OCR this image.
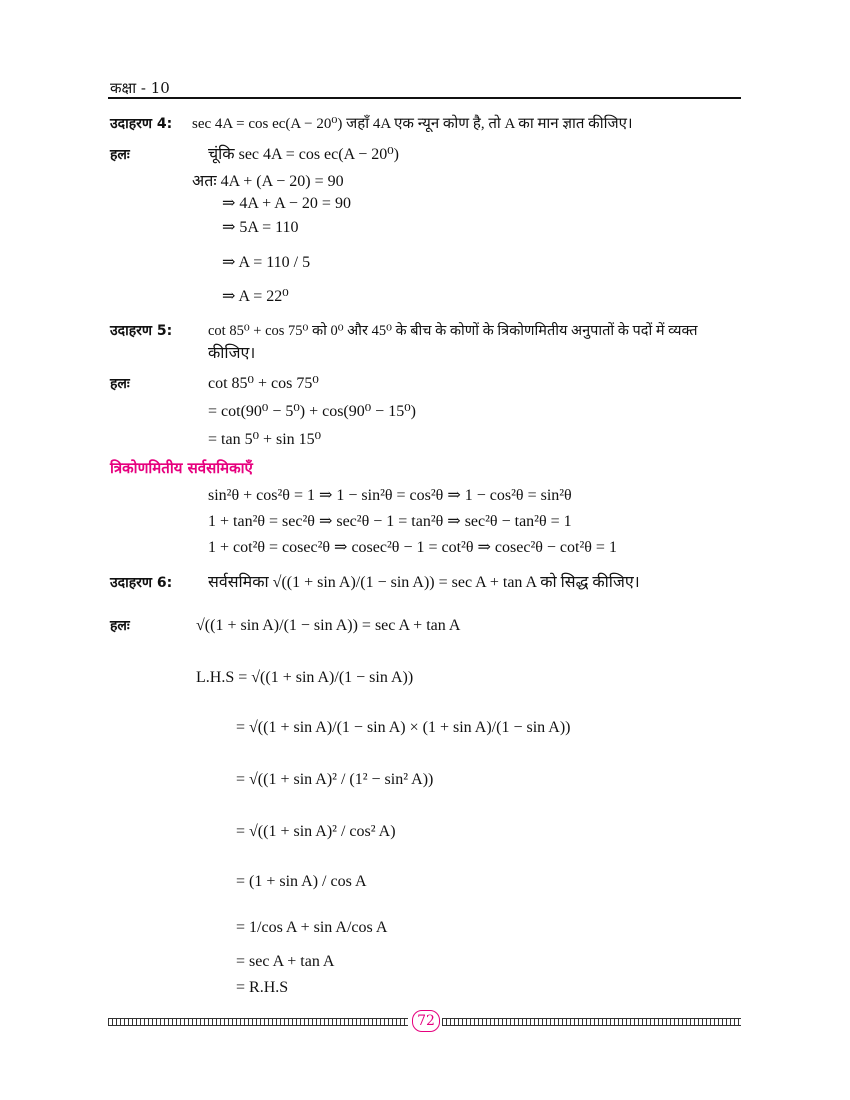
कक्षा - 10
उदाहरण 4: sec 4A = cos ec(A − 20⁰) जहाँ 4A एक न्यून कोण है, तो A का मान ज्ञात कीजिए।
हलः	चूंकि sec 4A = cos ec(A − 20⁰)
अतः 4A + (A − 20) = 90
⇒ 4A + A − 20 = 90
⇒ 5A = 110
⇒ A = 110 / 5
⇒ A = 22⁰
उदाहरण 5: cot 85⁰ + cos 75⁰ को 0⁰ और 45⁰ के बीच के कोणों के त्रिकोणमितीय अनुपातों के पदों में व्यक्त
कीजिए।
हलः	cot 85⁰ + cos 75⁰
= cot(90⁰ − 5⁰) + cos(90⁰ − 15⁰)
= tan 5⁰ + sin 15⁰
त्रिकोणमितीय सर्वसमिकाएँ
sin²θ + cos²θ = 1 ⇒ 1 − sin²θ = cos²θ ⇒ 1 − cos²θ = sin²θ
1 + tan²θ = sec²θ ⇒ sec²θ − 1 = tan²θ ⇒ sec²θ − tan²θ = 1
1 + cot²θ = cosec²θ ⇒ cosec²θ − 1 = cot²θ ⇒ cosec²θ − cot²θ = 1
उदाहरण 6: सर्वसमिका √((1 + sin A)/(1 − sin A)) = sec A + tan A को सिद्ध कीजिए।
हलः	√((1 + sin A)/(1 − sin A)) = sec A + tan A
L.H.S = √((1 + sin A)/(1 − sin A))
= √((1 + sin A)/(1 − sin A) × (1 + sin A)/(1 − sin A))
= √((1 + sin A)² / (1² − sin² A))
= √((1 + sin A)² / cos² A)
= (1 + sin A) / cos A
= 1/cos A + sin A/cos A
= sec A + tan A
= R.H.S
72
